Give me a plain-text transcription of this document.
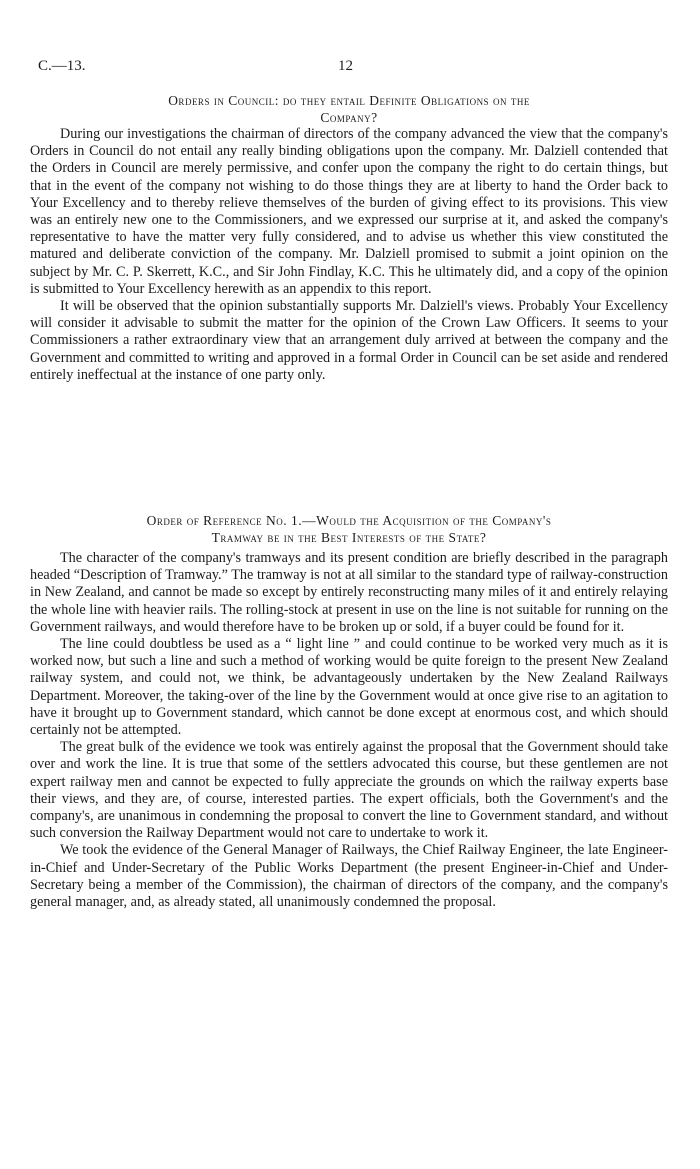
C.—13.	12
Orders in Council: do they entail Definite Obligations on the
Company?

During our investigations the chairman of directors of the company advanced the view that the company's Orders in Council do not entail any really binding obligations upon the company. Mr. Dalziell contended that the Orders in Council are merely permissive, and confer upon the company the right to do certain things, but that in the event of the company not wishing to do those things they are at liberty to hand the Order back to Your Excellency and to thereby relieve themselves of the burden of giving effect to its provisions. This view was an entirely new one to the Commissioners, and we expressed our surprise at it, and asked the company's representative to have the matter very fully considered, and to advise us whether this view constituted the matured and deliberate conviction of the company. Mr. Dalziell promised to submit a joint opinion on the subject by Mr. C. P. Skerrett, K.C., and Sir John Findlay, K.C. This he ultimately did, and a copy of the opinion is submitted to Your Excellency herewith as an appendix to this report.

It will be observed that the opinion substantially supports Mr. Dalziell's views. Probably Your Excellency will consider it advisable to submit the matter for the opinion of the Crown Law Officers. It seems to your Commissioners a rather extraordinary view that an arrangement duly arrived at between the company and the Government and committed to writing and approved in a formal Order in Council can be set aside and rendered entirely ineffectual at the instance of one party only.

Order of Reference No. 1.—Would the Acquisition of the Company's
Tramway be in the Best Interests of the State?

The character of the company's tramways and its present condition are briefly described in the paragraph headed “Description of Tramway.” The tramway is not at all similar to the standard type of railway-construction in New Zealand, and cannot be made so except by entirely reconstructing many miles of it and entirely relaying the whole line with heavier rails. The rolling-stock at present in use on the line is not suitable for running on the Government railways, and would therefore have to be broken up or sold, if a buyer could be found for it.

The line could doubtless be used as a “ light line ” and could continue to be worked very much as it is worked now, but such a line and such a method of working would be quite foreign to the present New Zealand railway system, and could not, we think, be advantageously undertaken by the New Zealand Railways Department. Moreover, the taking-over of the line by the Government would at once give rise to an agitation to have it brought up to Government standard, which cannot be done except at enormous cost, and which should certainly not be attempted.

The great bulk of the evidence we took was entirely against the proposal that the Government should take over and work the line. It is true that some of the settlers advocated this course, but these gentlemen are not expert railway men and cannot be expected to fully appreciate the grounds on which the railway experts base their views, and they are, of course, interested parties. The expert officials, both the Government's and the company's, are unanimous in condemning the proposal to convert the line to Government standard, and without such conversion the Railway Department would not care to undertake to work it.

We took the evidence of the General Manager of Railways, the Chief Railway Engineer, the late Engineer-in-Chief and Under-Secretary of the Public Works Department (the present Engineer-in-Chief and Under-Secretary being a member of the Commission), the chairman of directors of the company, and the company's general manager, and, as already stated, all unanimously condemned the proposal.
